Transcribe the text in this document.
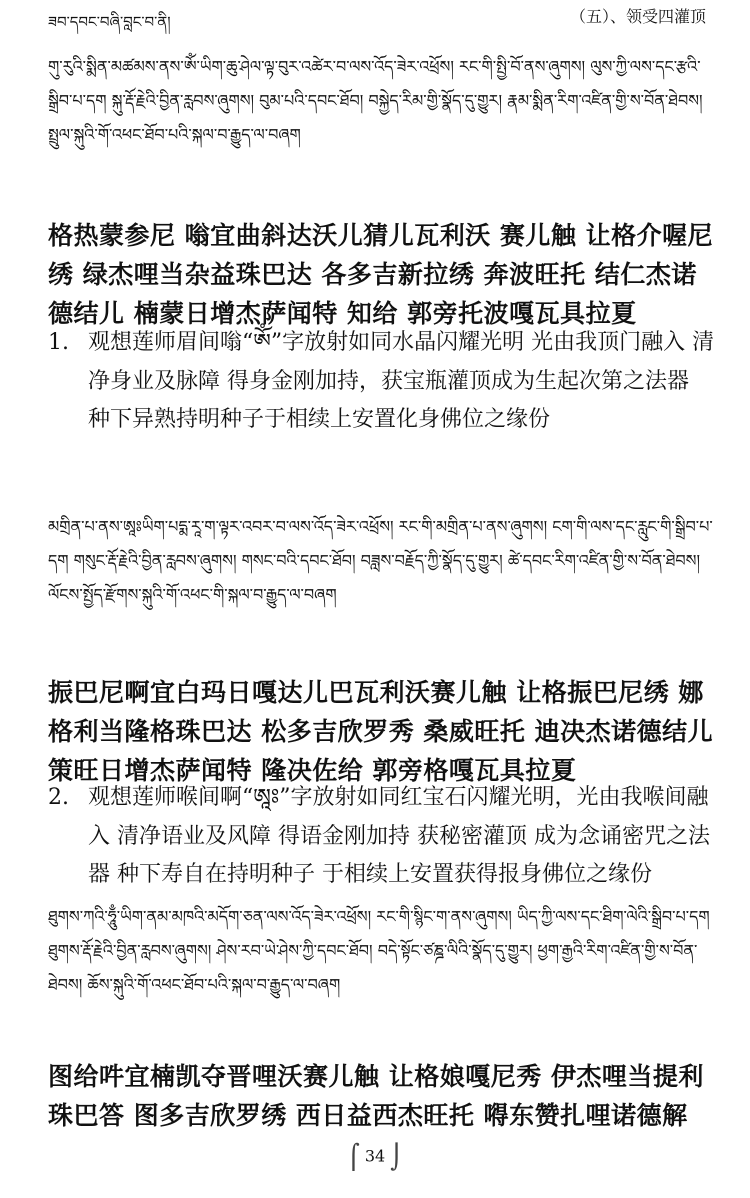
ཟབ་དབང་བཞི་བླང་བ་ནི།	（五）、领受四灌顶
གུ་རུའི་སྨིན་མཚམས་ནས་ཨོཾ་ཡིག་ཆུ་ཤེལ་ལྟ་བུར་འཚེར་བ་ལས་འོད་ཟེར་འཕྲོས། རང་གི་སྤྱི་བོ་ནས་ཞུགས། ལུས་ཀྱི་ལས་དང་རྩའི་སྒྲིབ་པ་དག སྐུ་རྡོ་རྗེའི་བྱིན་རླབས་ཞུགས། བུམ་པའི་དབང་ཐོབ། བསྐྱེད་རིམ་གྱི་སྣོད་དུ་གྱུར། རྣམ་སྨིན་རིག་འཛིན་གྱི་ས་བོན་ཐེབས། སྤྲུལ་སྐུའི་གོ་འཕང་ཐོབ་པའི་སྐལ་བ་རྒྱུད་ལ་བཞག
格热蒙参尼 嗡宜曲斜达沃儿猜儿瓦利沃 赛儿触 让格介喔尼绣 绿杰哩当杂益珠巴达 各多吉新拉绣 奔波旺托 结仁杰诺德结儿 楠蒙日增杰萨闻特 知给 郭旁托波嘎瓦具拉夏
1. 观想莲师眉间嗡“ཨོཾ”字放射如同水晶闪耀光明 光由我顶门融入 清净身业及脉障 得身金刚加持，获宝瓶灌顶成为生起次第之法器 种下异熟持明种子于相续上安置化身佛位之缘份
མགྲིན་པ་ནས་ཨཱཿཡིག་པདྨ་རཱ་ག་ལྟར་འབར་བ་ལས་འོད་ཟེར་འཕྲོས། རང་གི་མགྲིན་པ་ནས་ཞུགས། ངག་གི་ལས་དང་རླུང་གི་སྒྲིབ་པ་དག གསུང་རྡོ་རྗེའི་བྱིན་རླབས་ཞུགས། གསང་བའི་དབང་ཐོབ། བཟླས་བརྗོད་ཀྱི་སྣོད་དུ་གྱུར། ཚེ་དབང་རིག་འཛིན་གྱི་ས་བོན་ཐེབས། ལོངས་སྤྱོད་རྫོགས་སྐུའི་གོ་འཕང་གི་སྐལ་བ་རྒྱུད་ལ་བཞག
振巴尼啊宜白玛日嘎达儿巴瓦利沃赛儿触 让格振巴尼绣 娜格利当隆格珠巴达 松多吉欣罗秀 桑威旺托 迪决杰诺德结儿 策旺日增杰萨闻特 隆决佐给 郭旁格嘎瓦具拉夏
2. 观想莲师喉间啊“ཨཱཿ”字放射如同红宝石闪耀光明，光由我喉间融入 清净语业及风障 得语金刚加持 获秘密灌顶 成为念诵密咒之法器 种下寿自在持明种子 于相续上安置获得报身佛位之缘份
ཐུགས་ཀའི་ཧཱུྃ་ཡིག་ནམ་མཁའི་མདོག་ཅན་ལས་འོད་ཟེར་འཕྲོས། རང་གི་སྙིང་ག་ནས་ཞུགས། ཡིད་ཀྱི་ལས་དང་ཐིག་ལེའི་སྒྲིབ་པ་དག ཐུགས་རྡོ་རྗེའི་བྱིན་རླབས་ཞུགས། ཤེས་རབ་ཡེ་ཤེས་ཀྱི་དབང་ཐོབ། བདེ་སྟོང་ཙཎྜ་ལིའི་སྣོད་དུ་གྱུར། ཕྱག་རྒྱའི་རིག་འཛིན་གྱི་ས་བོན་ཐེབས། ཆོས་སྐུའི་གོ་འཕང་ཐོབ་པའི་སྐལ་བ་རྒྱུད་ལ་བཞག
图给吽宜楠凯夺晋哩沃赛儿触 让格娘嘎尼秀 伊杰哩当提利珠巴答 图多吉欣罗绣 西日益西杰旺托 嘚东赞扎哩诺德解
⌠ 34 ⌡
